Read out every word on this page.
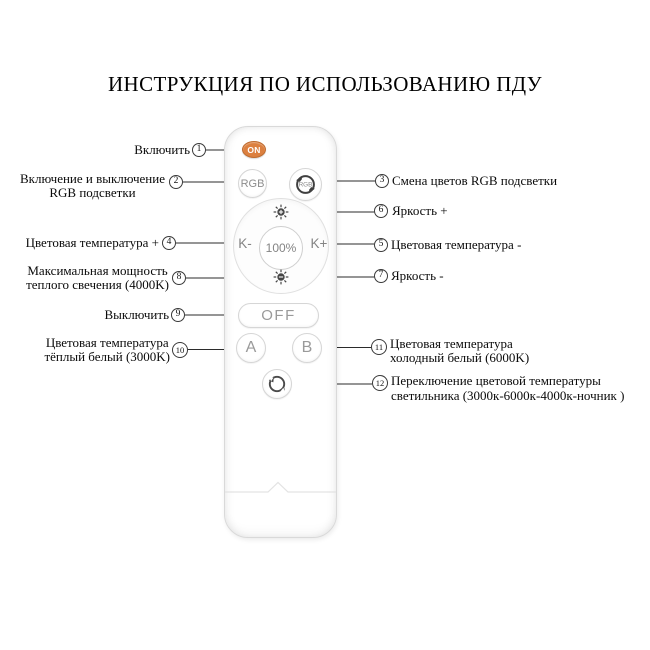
ИНСТРУКЦИЯ ПО ИСПОЛЬЗОВАНИЮ ПДУ
ON
RGB	RGB
100%
K-	K+
OFF
A	B
1
2	3
4	5
6
7
8
9
10	11
12
Включить
Включение и выключение
RGB подсветки
Смена цветов RGB подсветки
Цветовая температура +	Цветовая температура -
Яркость +
Яркость -
Максимальная мощность
теплого свечения (4000K)
Выключить
Цветовая температура
тёплый белый (3000K)
Цветовая температура
холодный белый (6000K)
Переключение цветовой температуры
светильника (3000к-6000к-4000к-ночник )
